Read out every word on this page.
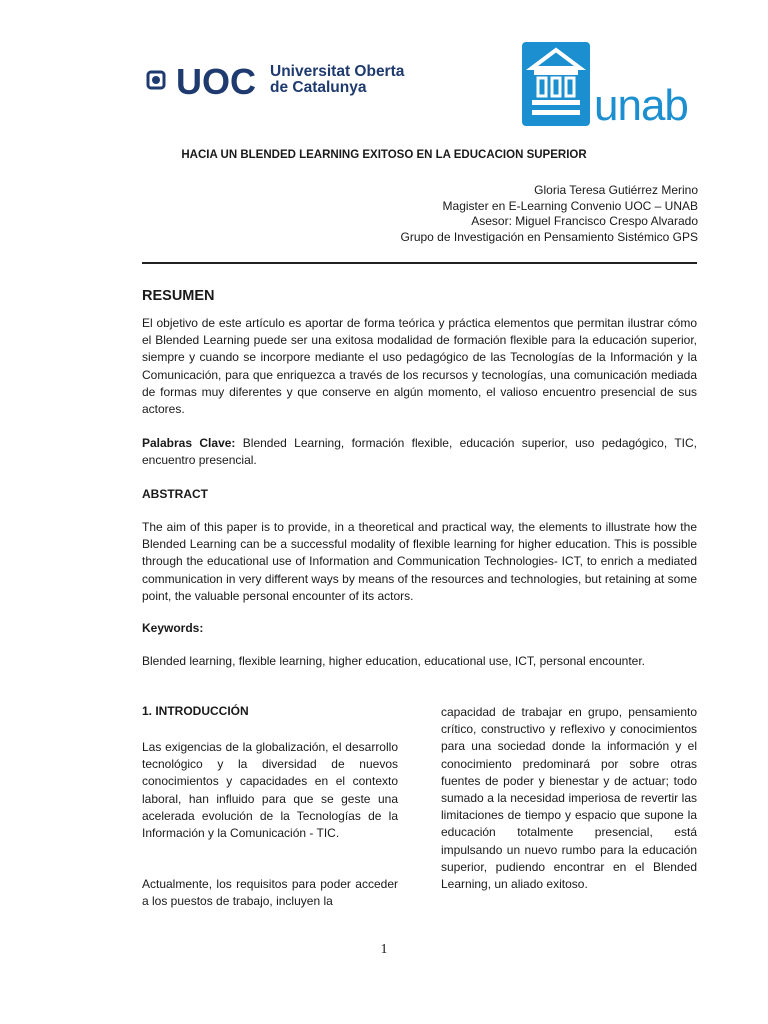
UOC Universitat Oberta
de Catalunya	unab
HACIA UN BLENDED LEARNING EXITOSO EN LA EDUCACION SUPERIOR
Gloria Teresa Gutiérrez Merino
Magister en E-Learning Convenio UOC – UNAB
Asesor: Miguel Francisco Crespo Alvarado
Grupo de Investigación en Pensamiento Sistémico GPS
RESUMEN

El objetivo de este artículo es aportar de forma teórica y práctica elementos que permitan ilustrar cómo el Blended Learning puede ser una exitosa modalidad de formación flexible para la educación superior, siempre y cuando se incorpore mediante el uso pedagógico de las Tecnologías de la Información y la Comunicación, para que enriquezca a través de los recursos y tecnologías, una comunicación mediada de formas muy diferentes y que conserve en algún momento, el valioso encuentro presencial de sus actores.

Palabras Clave: Blended Learning, formación flexible, educación superior, uso pedagógico, TIC, encuentro presencial.

ABSTRACT

The aim of this paper is to provide, in a theoretical and practical way, the elements to illustrate how the Blended Learning can be a successful modality of flexible learning for higher education. This is possible through the educational use of Information and Communication Technologies- ICT, to enrich a mediated communication in very different ways by means of the resources and technologies, but retaining at some point, the valuable personal encounter of its actors.

Keywords:

Blended learning, flexible learning, higher education, educational use, ICT, personal encounter.

1. INTRODUCCIÓN

Las exigencias de la globalización, el desarrollo tecnológico y la diversidad de nuevos conocimientos y capacidades en el contexto laboral, han influido para que se geste una acelerada evolución de la Tecnologías de la Información y la Comunicación - TIC.

Actualmente, los requisitos para poder acceder a los puestos de trabajo, incluyen la

capacidad de trabajar en grupo, pensamiento crítico, constructivo y reflexivo y conocimientos para una sociedad donde la información y el conocimiento predominará por sobre otras fuentes de poder y bienestar y de actuar; todo sumado a la necesidad imperiosa de revertir las limitaciones de tiempo y espacio que supone la educación totalmente presencial, está impulsando un nuevo rumbo para la educación superior, pudiendo encontrar en el Blended Learning, un aliado exitoso.

1
